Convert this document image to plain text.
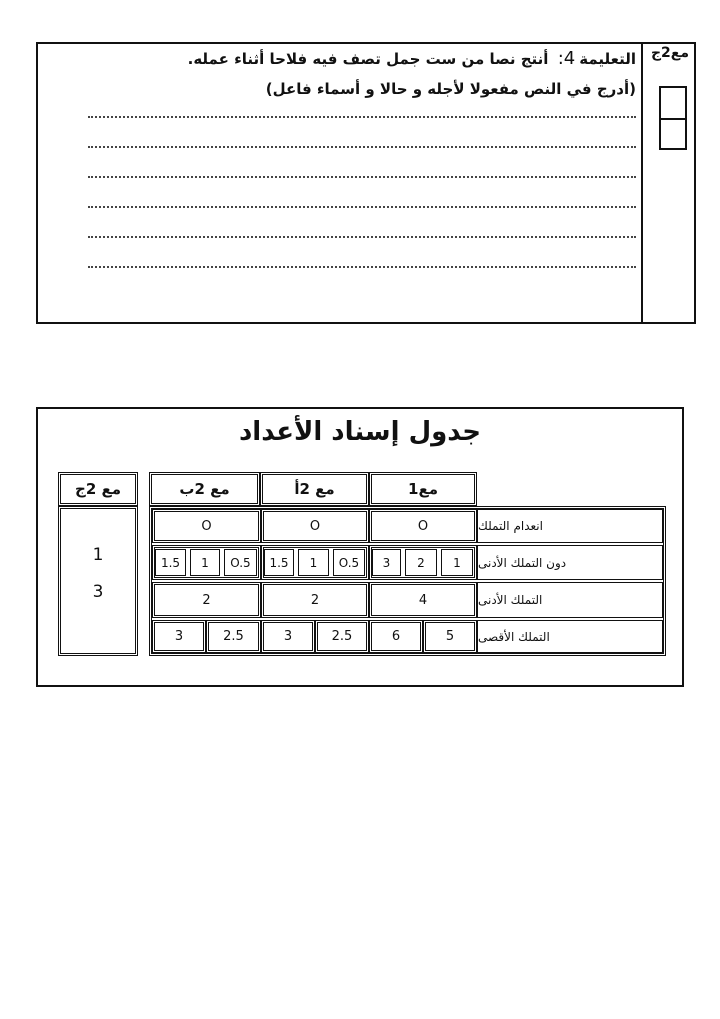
مع2ج
التعليمة4: أنتج نصا من ست جمل تصف فيه فلاحا أثناء عمله.
(أدرج في النص مفعولا لأجله و حالا و أسماء فاعل)
جدول إسناد الأعداد
مع1
مع 2أ
مع 2ب
مع 2ج
1
3
انعدام التملك
دون التملك الأدنى
التملك الأدنى
التملك الأقصى
O
O
O
1
2
3
O.5
1
1.5
O.5
1
1.5
4
2
2
5
6
2.5
3
2.5
3
